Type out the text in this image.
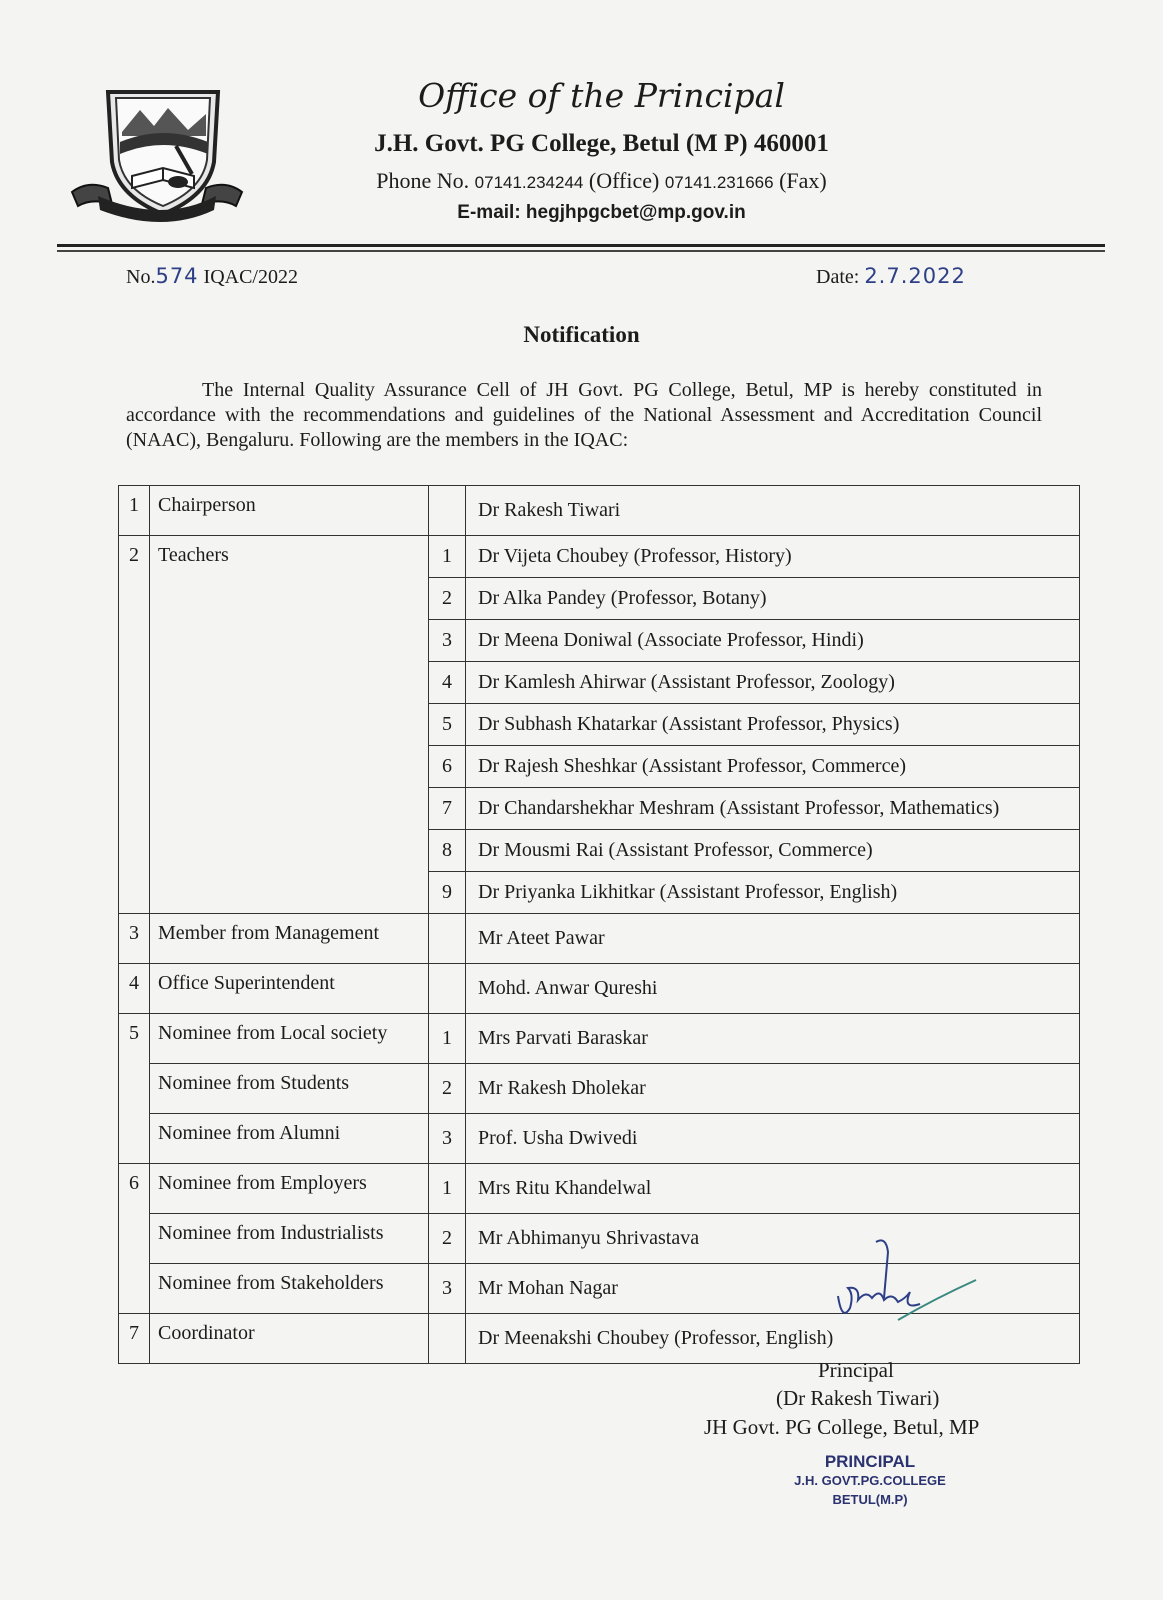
Office of the Principal
J.H. Govt. PG College, Betul (M P) 460001
Phone No. 07141.234244 (Office) 07141.231666 (Fax)
E-mail: hegjhpgcbet@mp.gov.in
No.574 IQAC/2022	Date: 2.7.2022
Notification
The Internal Quality Assurance Cell of JH Govt. PG College, Betul, MP is hereby constituted in accordance with the recommendations and guidelines of the National Assessment and Accreditation Council (NAAC), Bengaluru. Following are the members in the IQAC:
1	Chairperson		Dr Rakesh Tiwari
2	Teachers	1	Dr Vijeta Choubey (Professor, History)
		2	Dr Alka Pandey (Professor, Botany)
		3	Dr Meena Doniwal (Associate Professor, Hindi)
		4	Dr Kamlesh Ahirwar (Assistant Professor, Zoology)
		5	Dr Subhash Khatarkar (Assistant Professor, Physics)
		6	Dr Rajesh Sheshkar (Assistant Professor, Commerce)
		7	Dr Chandarshekhar Meshram (Assistant Professor, Mathematics)
		8	Dr Mousmi Rai (Assistant Professor, Commerce)
		9	Dr Priyanka Likhitkar (Assistant Professor, English)
3	Member from Management		Mr Ateet Pawar
4	Office Superintendent		Mohd. Anwar Qureshi
5	Nominee from Local society	1	Mrs Parvati Baraskar
	Nominee from Students	2	Mr Rakesh Dholekar
	Nominee from Alumni	3	Prof. Usha Dwivedi
6	Nominee from Employers	1	Mrs Ritu Khandelwal
	Nominee from Industrialists	2	Mr Abhimanyu Shrivastava
	Nominee from Stakeholders	3	Mr Mohan Nagar
7	Coordinator		Dr Meenakshi Choubey (Professor, English)
Principal
(Dr Rakesh Tiwari)
JH Govt. PG College, Betul, MP
PRINCIPAL
J.H. GOVT.PG.COLLEGE
BETUL(M.P)
